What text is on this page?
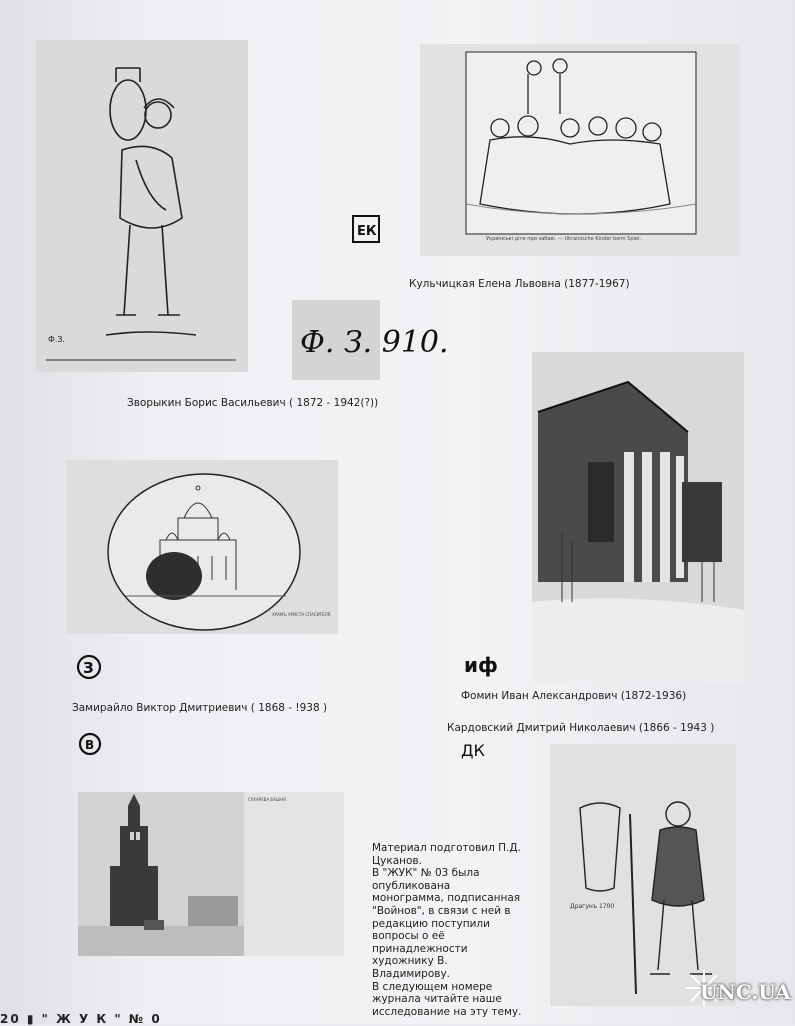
Ф.З.	Ф. З. 910.
Зворыкин Борис Васильевич ( 1872 - 1942(?))
Українські діти при забаві. — Ukrainische Kinder beim Spiel.
ЕК
Кульчицкая Елена Львовна (1877-1967)
ХРАМЪ ХРИСТА СПАСИТЕЛЯ
З
Замирайло Виктор Дмитриевич ( 1868 - !938 )
В
иф
Фомин Иван Александрович (1872-1936)
Кардовский Дмитрий Николаевич (1866 - 1943 )
ДК
СУХАРЕВА БАШНЯ

Материал подготовил П.Д. Цуканов.

В "ЖУК" № 03 была опубликована монограмма, подписанная "Войнов", в связи с ней в редакцию поступили вопросы о её принадлежности художнику В. Владимирову.

В следующем номере журнала читайте наше исследование на эту тему.

Драгунъ 1700
20 ▮ " Ж У К " № 0
UNC.UA
